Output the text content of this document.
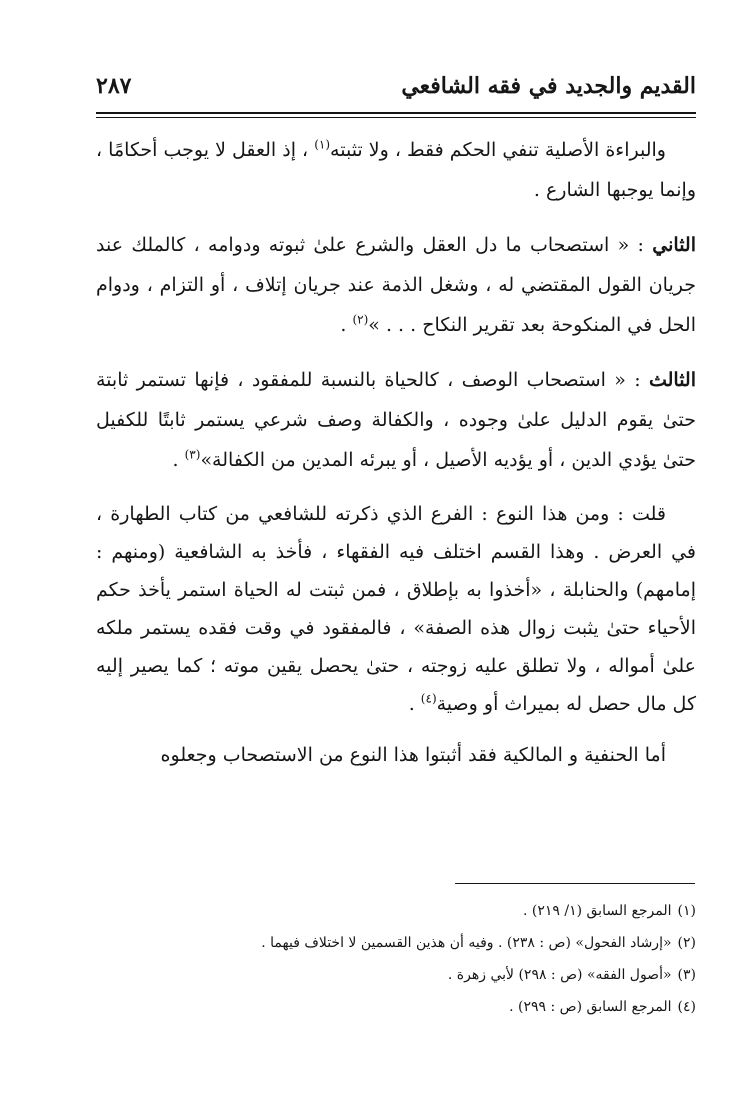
القديم والجديد في فقه الشافعي
٢٨٧

والبراءة الأصلية تنفي الحكم فقط ، ولا تثبته$^{(١)}$ ، إذ العقل لا يوجب أحكامًا ، وإنما يوجبها الشارع .

الثاني : « استصحاب ما دل العقل والشرع علىٰ ثبوته ودوامه ، كالملك عند جريان القول المقتضي له ، وشغل الذمة عند جريان إتلاف ، أو التزام ، ودوام الحل في المنكوحة بعد تقرير النكاح . . . »$^{(٢)}$ .

الثالث : « استصحاب الوصف ، كالحياة بالنسبة للمفقود ، فإنها تستمر ثابتة حتىٰ يقوم الدليل علىٰ وجوده ، والكفالة وصف شرعي يستمر ثابتًا للكفيل حتىٰ يؤدي الدين ، أو يؤديه الأصيل ، أو يبرئه المدين من الكفالة»$^{(٣)}$ .

قلت : ومن هذا النوع : الفرع الذي ذكرته للشافعي من كتاب الطهارة ، في العرض . وهذا القسم اختلف فيه الفقهاء ، فأخذ به الشافعية (ومنهم : إمامهم) والحنابلة ، «أخذوا به بإطلاق ، فمن ثبتت له الحياة استمر يأخذ حكم الأحياء حتىٰ يثبت زوال هذه الصفة» ، فالمفقود في وقت فقده يستمر ملكه علىٰ أمواله ، ولا تطلق عليه زوجته ، حتىٰ يحصل يقين موته ؛ كما يصير إليه كل مال حصل له بميراث أو وصية$^{(٤)}$ .

أما الحنفية و المالكية فقد أثبتوا هذا النوع من الاستصحاب وجعلوه

(١)المرجع السابق (١/ ٢١٩) .
(٢)«إرشاد الفحول» (ص : ٢٣٨) . وفيه أن هذين القسمين لا اختلاف فيهما .
(٣)«أصول الفقه» (ص : ٢٩٨) لأبي زهرة .
(٤)المرجع السابق (ص : ٢٩٩) .
